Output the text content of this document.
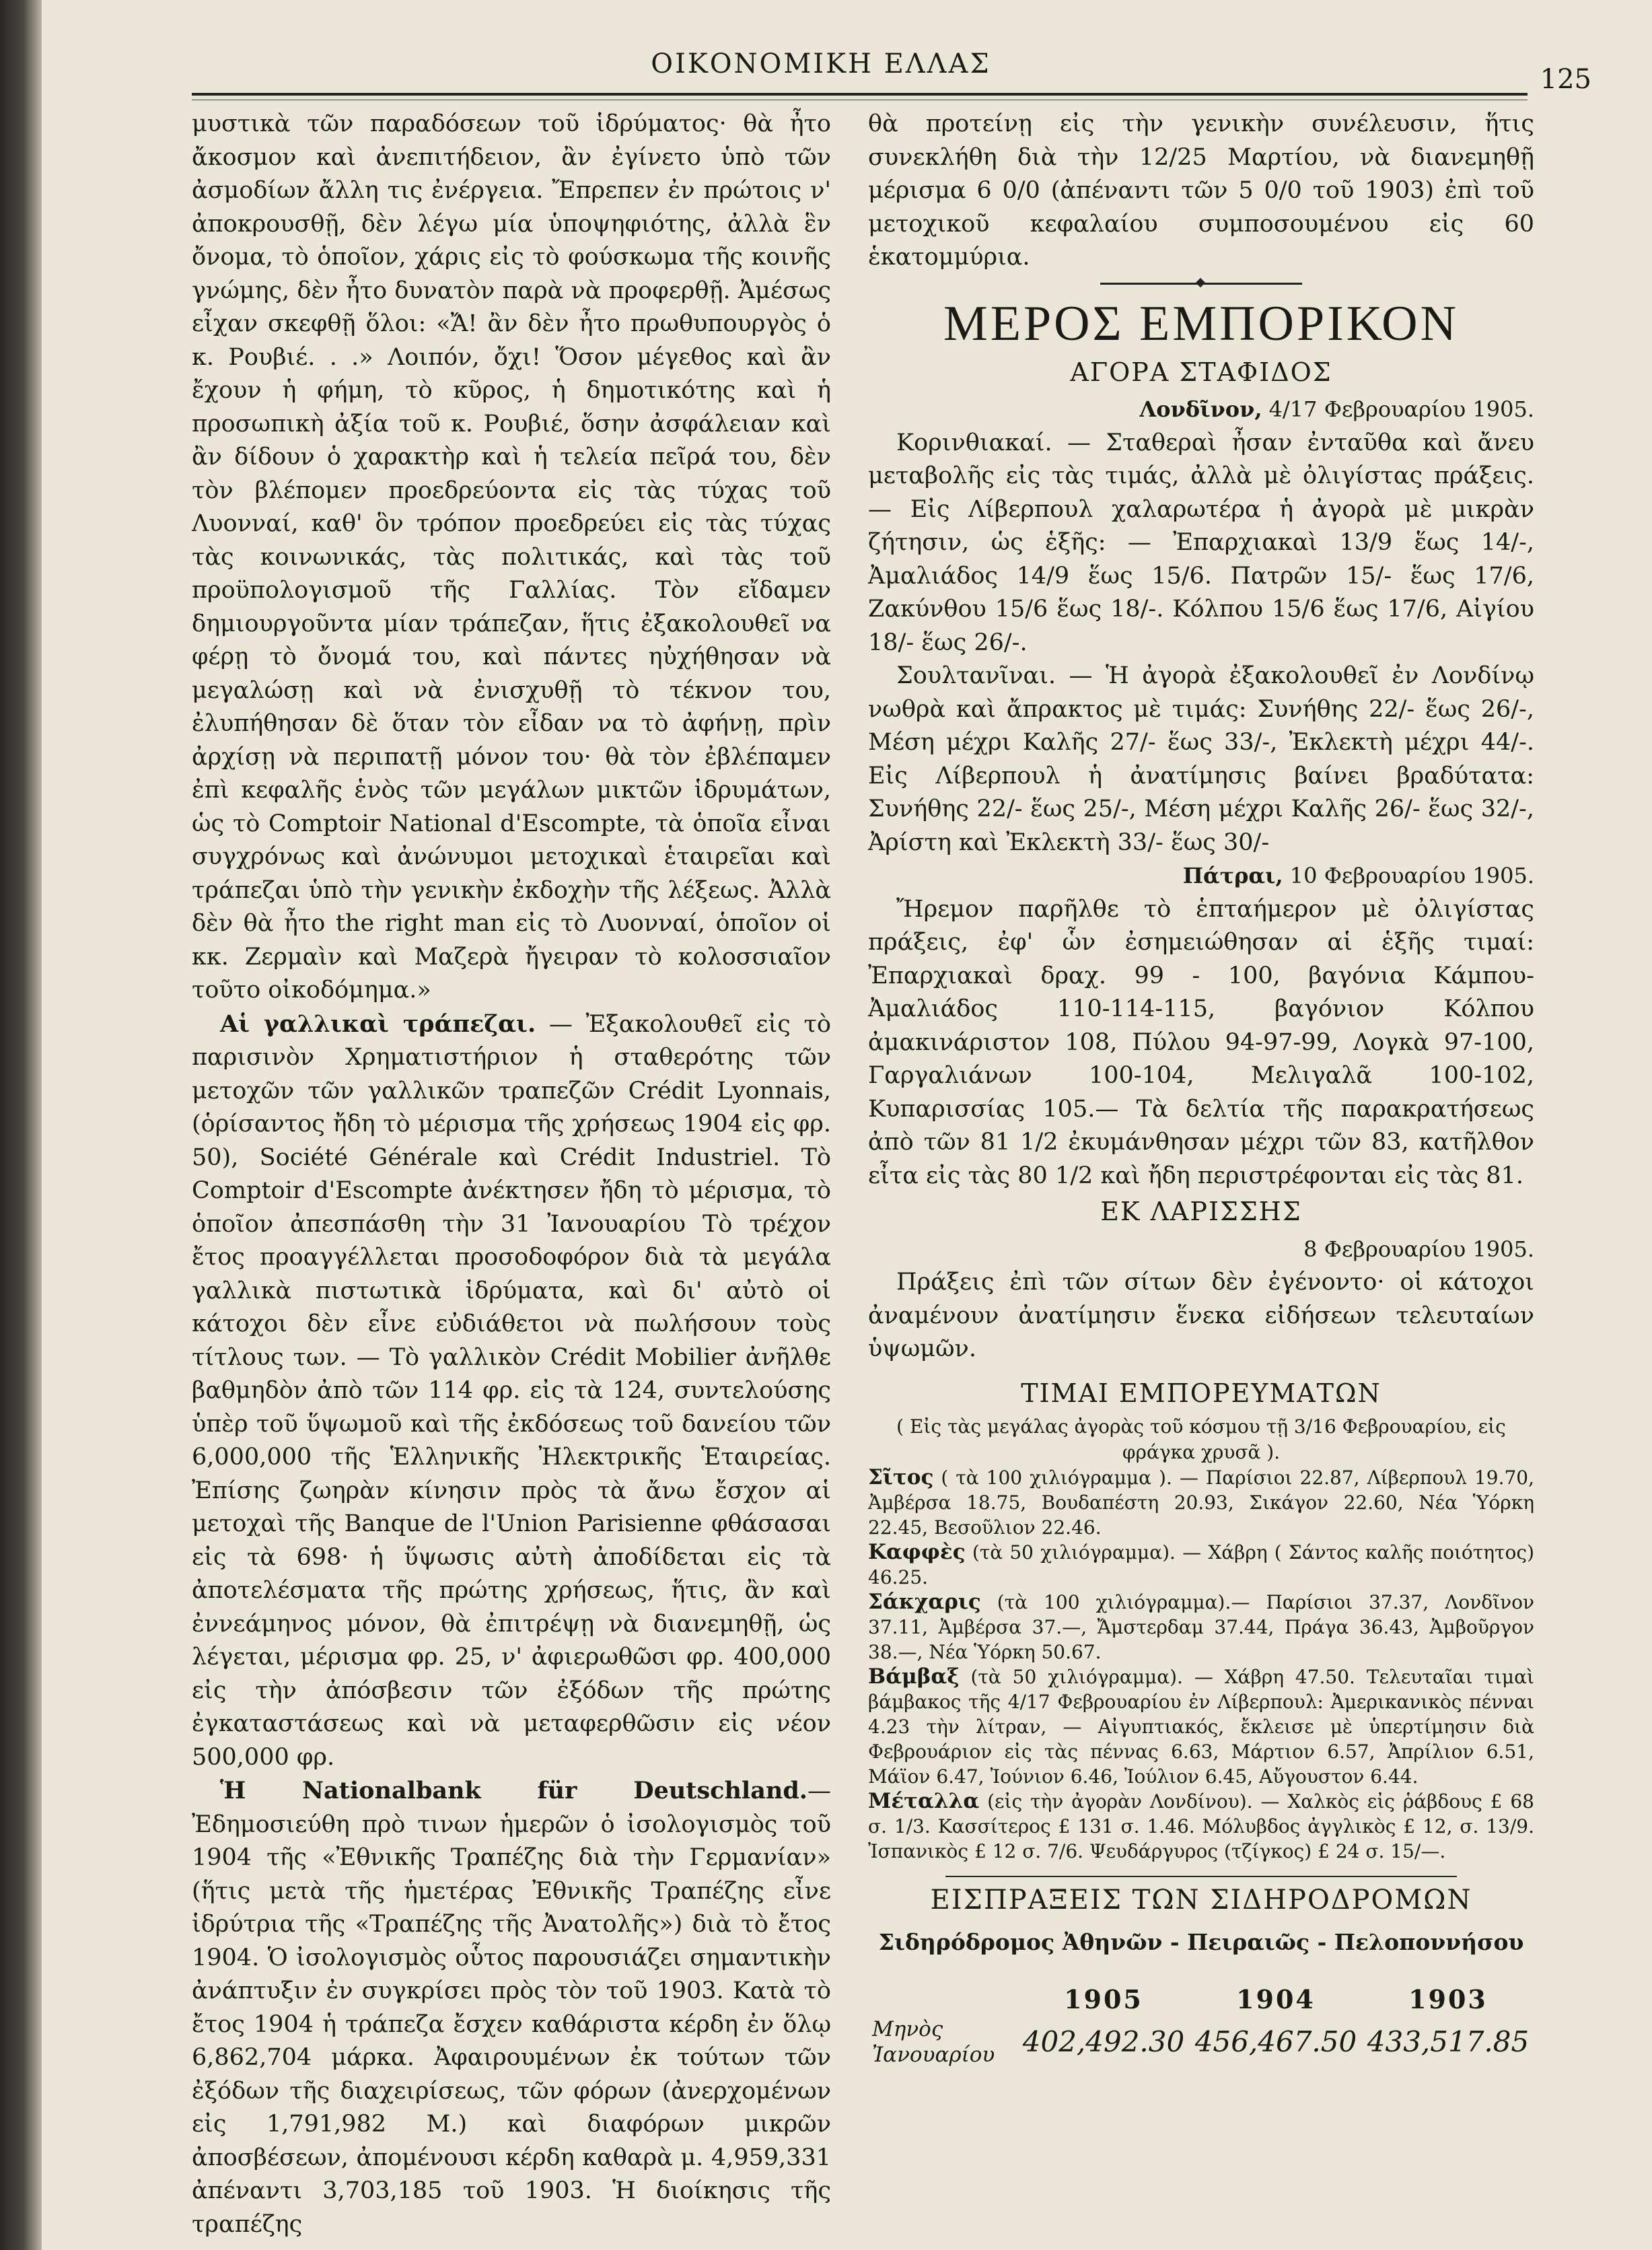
ΟΙΚΟΝΟΜΙΚΗ ΕΛΛΑΣ	125

μυστικὰ τῶν παραδόσεων τοῦ ἱδρύματος· θὰ ἦτο ἄκοσμον καὶ ἀνεπιτήδειον, ἂν ἐγίνετο ὑπὸ τῶν ἀσμοδίων ἄλλη τις ἐνέργεια. Ἔπρεπεν ἐν πρώτοις ν' ἀποκρουσθῇ, δὲν λέγω μία ὑποψηφιότης, ἀλλὰ ἓν ὄνομα, τὸ ὁποῖον, χάρις εἰς τὸ φούσκωμα τῆς κοινῆς γνώμης, δὲν ἦτο δυνατὸν παρὰ νὰ προφερθῇ. Ἀμέσως εἶχαν σκεφθῇ ὅλοι: «Ἄ! ἂν δὲν ἦτο πρωθυπουργὸς ὁ κ. Ρουβιέ. . .» Λοιπόν, ὄχι! Ὅσον μέγεθος καὶ ἂν ἔχουν ἡ φήμη, τὸ κῦρος, ἡ δημοτικότης καὶ ἡ προσωπικὴ ἀξία τοῦ κ. Ρουβιέ, ὅσην ἀσφάλειαν καὶ ἂν δίδουν ὁ χαρακτὴρ καὶ ἡ τελεία πεῖρά του, δὲν τὸν βλέπομεν προεδρεύοντα εἰς τὰς τύχας τοῦ Λυονναί, καθ' ὃν τρόπον προεδρεύει εἰς τὰς τύχας τὰς κοινωνικάς, τὰς πολιτικάς, καὶ τὰς τοῦ προϋπολογισμοῦ τῆς Γαλλίας. Τὸν εἴδαμεν δημιουργοῦντα μίαν τράπεζαν, ἥτις ἐξακολουθεῖ να φέρῃ τὸ ὄνομά του, καὶ πάντες ηὐχήθησαν νὰ μεγαλώσῃ καὶ νὰ ἐνισχυθῇ τὸ τέκνον του, ἐλυπήθησαν δὲ ὅταν τὸν εἶδαν να τὸ ἀφήνῃ, πρὶν ἀρχίσῃ νὰ περιπατῇ μόνον του· θὰ τὸν ἐβλέπαμεν ἐπὶ κεφαλῆς ἑνὸς τῶν μεγάλων μικτῶν ἱδρυμάτων, ὡς τὸ Comptoir National d'Escompte, τὰ ὁποῖα εἶναι συγχρόνως καὶ ἀνώνυμοι μετοχικαὶ ἑταιρεῖαι καὶ τράπεζαι ὑπὸ τὴν γενικὴν ἐκδοχὴν τῆς λέξεως. Ἀλλὰ δὲν θὰ ἦτο the right man εἰς τὸ Λυονναί, ὁποῖον οἱ κκ. Ζερμαὶν καὶ Μαζερὰ ἤγειραν τὸ κολοσσιαῖον τοῦτο οἰκοδόμημα.»

Αἱ γαλλικαὶ τράπεζαι. — Ἐξακολουθεῖ εἰς τὸ παρισινὸν Χρηματιστήριον ἡ σταθερότης τῶν μετοχῶν τῶν γαλλικῶν τραπεζῶν Crédit Lyonnais, (ὁρίσαντος ἤδη τὸ μέρισμα τῆς χρήσεως 1904 εἰς φρ. 50), Société Générale καὶ Crédit Industriel. Τὸ Comptoir d'Escompte ἀνέκτησεν ἤδη τὸ μέρισμα, τὸ ὁποῖον ἀπεσπάσθη τὴν 31 Ἰανουαρίου Τὸ τρέχον ἔτος προαγγέλλεται προσοδοφόρον διὰ τὰ μεγάλα γαλλικὰ πιστωτικὰ ἱδρύματα, καὶ δι' αὐτὸ οἱ κάτοχοι δὲν εἶνε εὐδιάθετοι νὰ πωλήσουν τοὺς τίτλους των. — Τὸ γαλλικὸν Crédit Mobilier ἀνῆλθε βαθμηδὸν ἀπὸ τῶν 114 φρ. εἰς τὰ 124, συντελούσης ὑπὲρ τοῦ ὕψωμοῦ καὶ τῆς ἐκδόσεως τοῦ δανείου τῶν 6,000,000 τῆς Ἑλληνικῆς Ἠλεκτρικῆς Ἑταιρείας. Ἐπίσης ζωηρὰν κίνησιν πρὸς τὰ ἄνω ἔσχον αἱ μετοχαὶ τῆς Banque de l'Union Parisienne φθάσασαι εἰς τὰ 698· ἡ ὕψωσις αὐτὴ ἀποδίδεται εἰς τὰ ἀποτελέσματα τῆς πρώτης χρήσεως, ἥτις, ἂν καὶ ἐννεάμηνος μόνον, θὰ ἐπιτρέψῃ νὰ διανεμηθῇ, ὡς λέγεται, μέρισμα φρ. 25, ν' ἀφιερωθῶσι φρ. 400,000 εἰς τὴν ἀπόσβεσιν τῶν ἐξόδων τῆς πρώτης ἐγκαταστάσεως καὶ νὰ μεταφερθῶσιν εἰς νέον 500,000 φρ.

Ἡ Nationalbank für Deutschland.—Ἐδημοσιεύθη πρὸ τινων ἡμερῶν ὁ ἰσολογισμὸς τοῦ 1904 τῆς «Ἐθνικῆς Τραπέζης διὰ τὴν Γερμανίαν» (ἥτις μετὰ τῆς ἡμετέρας Ἐθνικῆς Τραπέζης εἶνε ἱδρύτρια τῆς «Τραπέζης τῆς Ἀνατολῆς») διὰ τὸ ἔτος 1904. Ὁ ἰσολογισμὸς οὗτος παρουσιάζει σημαντικὴν ἀνάπτυξιν ἐν συγκρίσει πρὸς τὸν τοῦ 1903. Κατὰ τὸ ἔτος 1904 ἡ τράπεζα ἔσχεν καθάριστα κέρδη ἐν ὅλῳ 6,862,704 μάρκα. Ἀφαιρουμένων ἐκ τούτων τῶν ἐξόδων τῆς διαχειρίσεως, τῶν φόρων (ἀνερχομένων εἰς 1,791,982 Μ.) καὶ διαφόρων μικρῶν ἀποσβέσεων, ἀπομένουσι κέρδη καθαρὰ μ. 4,959,331 ἀπέναντι 3,703,185 τοῦ 1903. Ἡ διοίκησις τῆς τραπέζης

θὰ προτείνῃ εἰς τὴν γενικὴν συνέλευσιν, ἥτις συνεκλήθη διὰ τὴν 12/25 Μαρτίου, νὰ διανεμηθῇ μέρισμα 6 0/0 (ἀπέναντι τῶν 5 0/0 τοῦ 1903) ἐπὶ τοῦ μετοχικοῦ κεφαλαίου συμποσουμένου εἰς 60 ἑκατομμύρια.

ΜΕΡΟΣ ΕΜΠΟΡΙΚΟΝ
ΑΓΟΡΑ ΣΤΑΦΙΔΟΣ
Λονδῖνον, 4/17 Φεβρουαρίου 1905.

Κορινθιακαί. — Σταθεραὶ ἦσαν ἐνταῦθα καὶ ἄνευ μεταβολῆς εἰς τὰς τιμάς, ἀλλὰ μὲ ὀλιγίστας πράξεις. — Εἰς Λίβερπουλ χαλαρωτέρα ἡ ἀγορὰ μὲ μικρὰν ζήτησιν, ὡς ἑξῆς: — Ἐπαρχιακαὶ 13/9 ἕως 14/-, Ἀμαλιάδος 14/9 ἕως 15/6. Πατρῶν 15/- ἕως 17/6, Ζακύνθου 15/6 ἕως 18/-. Κόλπου 15/6 ἕως 17/6, Αἰγίου 18/- ἕως 26/-.

Σουλτανῖναι. — Ἡ ἀγορὰ ἐξακολουθεῖ ἐν Λονδίνῳ νωθρὰ καὶ ἄπρακτος μὲ τιμάς: Συνήθης 22/- ἕως 26/-, Μέση μέχρι Καλῆς 27/- ἕως 33/-, Ἐκλεκτὴ μέχρι 44/-. Εἰς Λίβερπουλ ἡ ἀνατίμησις βαίνει βραδύτατα: Συνήθης 22/- ἕως 25/-, Μέση μέχρι Καλῆς 26/- ἕως 32/-, Ἀρίστη καὶ Ἐκλεκτὴ 33/- ἕως 30/-

Πάτραι, 10 Φεβρουαρίου 1905.

Ἤρεμον παρῆλθε τὸ ἑπταήμερον μὲ ὀλιγίστας πράξεις, ἐφ' ὧν ἐσημειώθησαν αἱ ἑξῆς τιμαί: Ἐπαρχιακαὶ δραχ. 99 - 100, βαγόνια Κάμπου-Ἀμαλιάδος 110-114-115, βαγόνιον Κόλπου ἀμακινάριστον 108, Πύλου 94-97-99, Λογκὰ 97-100, Γαργαλιάνων 100-104, Μελιγαλᾶ 100-102, Κυπαρισσίας 105.— Τὰ δελτία τῆς παρακρατήσεως ἀπὸ τῶν 81 1/2 ἐκυμάνθησαν μέχρι τῶν 83, κατῆλθον εἶτα εἰς τὰς 80 1/2 καὶ ἤδη περιστρέφονται εἰς τὰς 81.

ΕΚ ΛΑΡΙΣΣΗΣ
8 Φεβρουαρίου 1905.

Πράξεις ἐπὶ τῶν σίτων δὲν ἐγένοντο· οἱ κάτοχοι ἀναμένουν ἀνατίμησιν ἕνεκα εἰδήσεων τελευταίων ὑψωμῶν.

ΤΙΜΑΙ ΕΜΠΟΡΕΥΜΑΤΩΝ
( Εἰς τὰς μεγάλας ἀγορὰς τοῦ κόσμου τῇ 3/16 Φεβρουαρίου, εἰς φράγκα χρυσᾶ ).

Σῖτος ( τὰ 100 χιλιόγραμμα ). — Παρίσιοι 22.87, Λίβερπουλ 19.70, Ἀμβέρσα 18.75, Βουδαπέστη 20.93, Σικάγον 22.60, Νέα Ὑόρκη 22.45, Βεσοῦλιον 22.46.

Καφφὲς (τὰ 50 χιλιόγραμμα). — Χάβρη ( Σάντος καλῆς ποιότητος) 46.25.

Σάκχαρις (τὰ 100 χιλιόγραμμα).— Παρίσιοι 37.37, Λονδῖνον 37.11, Ἀμβέρσα 37.—, Ἄμστερδαμ 37.44, Πράγα 36.43, Ἀμβοῦργον 38.—, Νέα Ὑόρκη 50.67.

Βάμβαξ (τὰ 50 χιλιόγραμμα). — Χάβρη 47.50. Τελευταῖαι τιμαὶ βάμβακος τῆς 4/17 Φεβρουαρίου ἐν Λίβερπουλ: Ἀμερικανικὸς πένναι 4.23 τὴν λίτραν, — Αἰγυπτιακός, ἔκλεισε μὲ ὑπερτίμησιν διὰ Φεβρουάριον εἰς τὰς πέννας 6.63, Μάρτιον 6.57, Ἀπρίλιον 6.51, Μάϊον 6.47, Ἰούνιον 6.46, Ἰούλιον 6.45, Αὔγουστον 6.44.

Μέταλλα (εἰς τὴν ἀγορὰν Λονδίνου). — Χαλκὸς εἰς ῥάβδους £ 68 σ. 1/3. Κασσίτερος £ 131 σ. 1.46. Μόλυβδος ἀγγλικὸς £ 12, σ. 13/9. Ἰσπανικὸς £ 12 σ. 7/6. Ψευδάργυρος (τζίγκος) £ 24 σ. 15/—.

ΕΙΣΠΡΑΞΕΙΣ ΤΩΝ ΣΙΔΗΡΟΔΡΟΜΩΝ
Σιδηρόδρομος Ἀθηνῶν - Πειραιῶς - Πελοποννήσου
	1905	1904	1903
Μηνὸς Ἰανουαρίου	402,492.30	456,467.50	433,517.85
